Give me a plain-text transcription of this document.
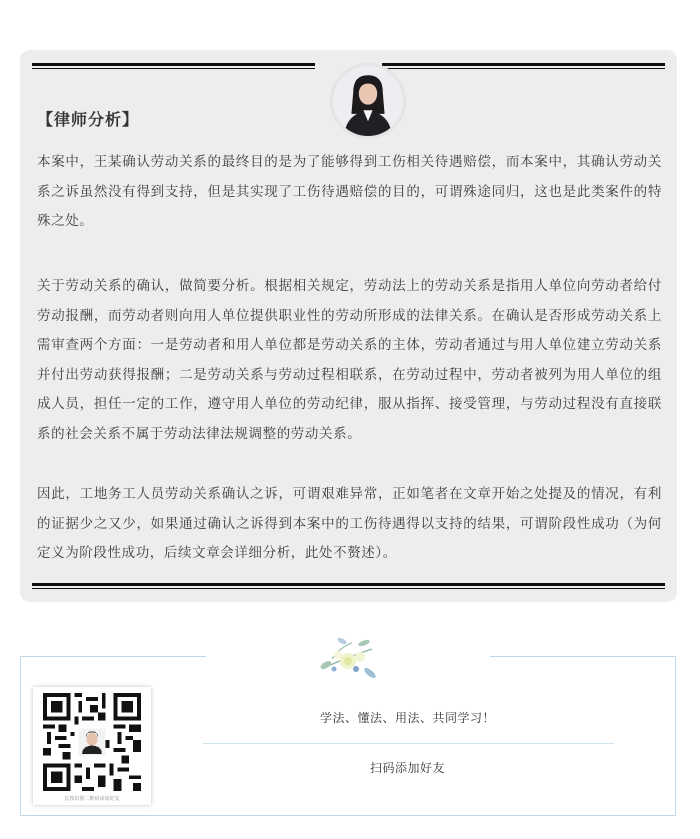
【律师分析】

本案中，王某确认劳动关系的最终目的是为了能够得到工伤相关待遇赔偿，而本案中，其确认劳动关系之诉虽然没有得到支持，但是其实现了工伤待遇赔偿的目的，可谓殊途同归，这也是此类案件的特殊之处。

关于劳动关系的确认，做简要分析。根据相关规定，劳动法上的劳动关系是指用人单位向劳动者给付劳动报酬，而劳动者则向用人单位提供职业性的劳动所形成的法律关系。在确认是否形成劳动关系上需审查两个方面：一是劳动者和用人单位都是劳动关系的主体，劳动者通过与用人单位建立劳动关系并付出劳动获得报酬；二是劳动关系与劳动过程相联系，在劳动过程中，劳动者被列为用人单位的组成人员，担任一定的工作，遵守用人单位的劳动纪律，服从指挥、接受管理，与劳动过程没有直接联系的社会关系不属于劳动法律法规调整的劳动关系。

因此，工地务工人员劳动关系确认之诉，可谓艰难异常，正如笔者在文章开始之处提及的情况，有利的证据少之又少，如果通过确认之诉得到本案中的工伤待遇得以支持的结果，可谓阶段性成功（为何定义为阶段性成功，后续文章会详细分析，此处不赘述）。

长按识别二维码添加好友
学法、懂法、用法、共同学习！
扫码添加好友
